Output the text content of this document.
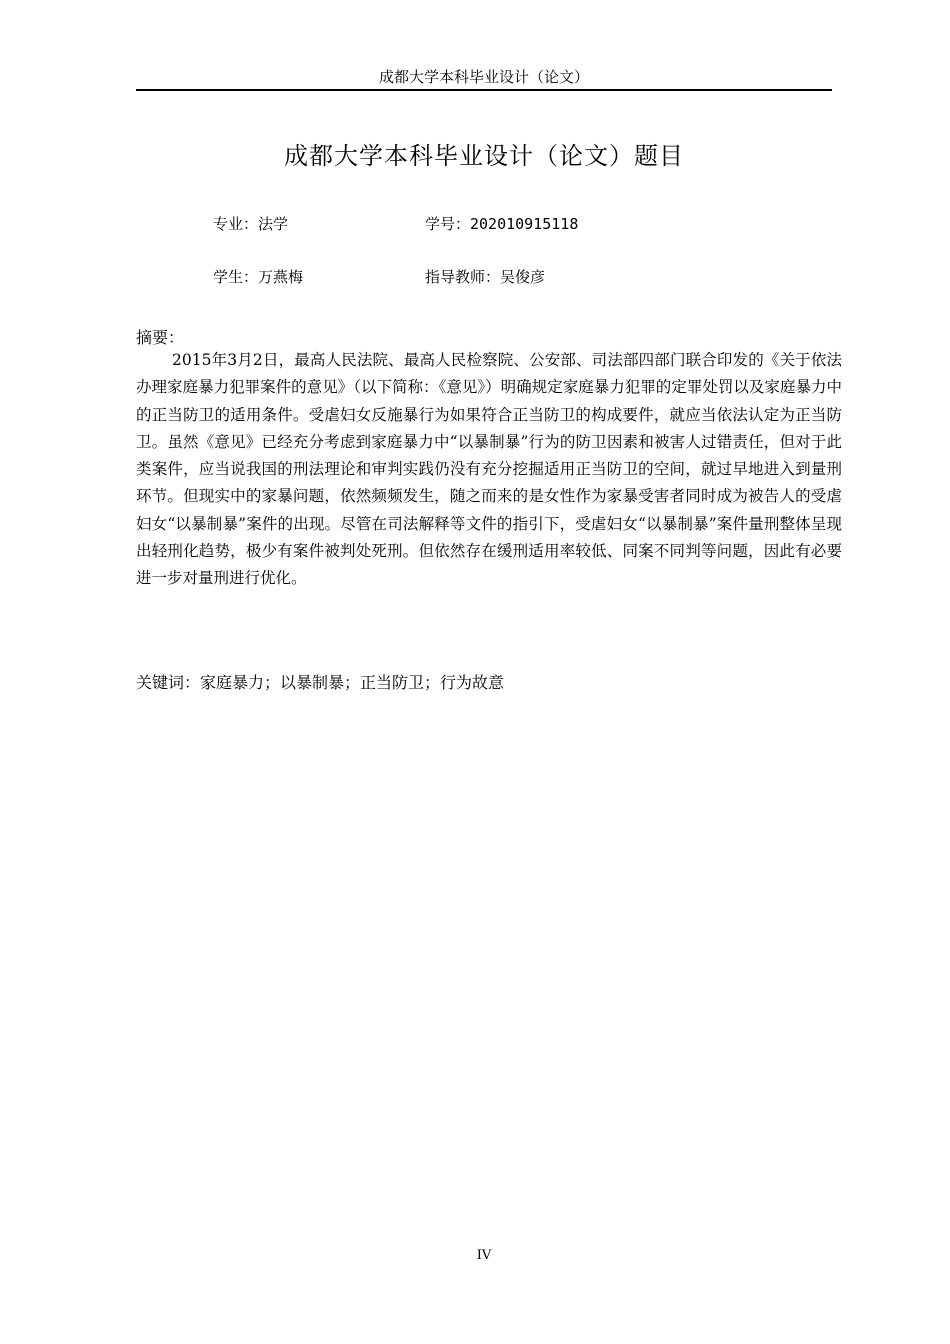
成都大学本科毕业设计（论文）
成都大学本科毕业设计（论文）题目
专业：法学	学号：202010915118
学生：万燕梅	指导教师：吴俊彦
摘要：

2015年3月2日，最高人民法院、最高人民检察院、公安部、司法部四部门联合印发的《关于依法办理家庭暴力犯罪案件的意见》（以下简称：《意见》）明确规定家庭暴力犯罪的定罪处罚以及家庭暴力中的正当防卫的适用条件。受虐妇女反施暴行为如果符合正当防卫的构成要件，就应当依法认定为正当防卫。虽然《意见》已经充分考虑到家庭暴力中“以暴制暴”行为的防卫因素和被害人过错责任，但对于此类案件，应当说我国的刑法理论和审判实践仍没有充分挖掘适用正当防卫的空间，就过早地进入到量刑环节。但现实中的家暴问题，依然频频发生，随之而来的是女性作为家暴受害者同时成为被告人的受虐妇女“以暴制暴”案件的出现。尽管在司法解释等文件的指引下，受虐妇女“以暴制暴”案件量刑整体呈现出轻刑化趋势，极少有案件被判处死刑。但依然存在缓刑适用率较低、同案不同判等问题，因此有必要进一步对量刑进行优化。

关键词：家庭暴力；以暴制暴；正当防卫；行为故意
IV
